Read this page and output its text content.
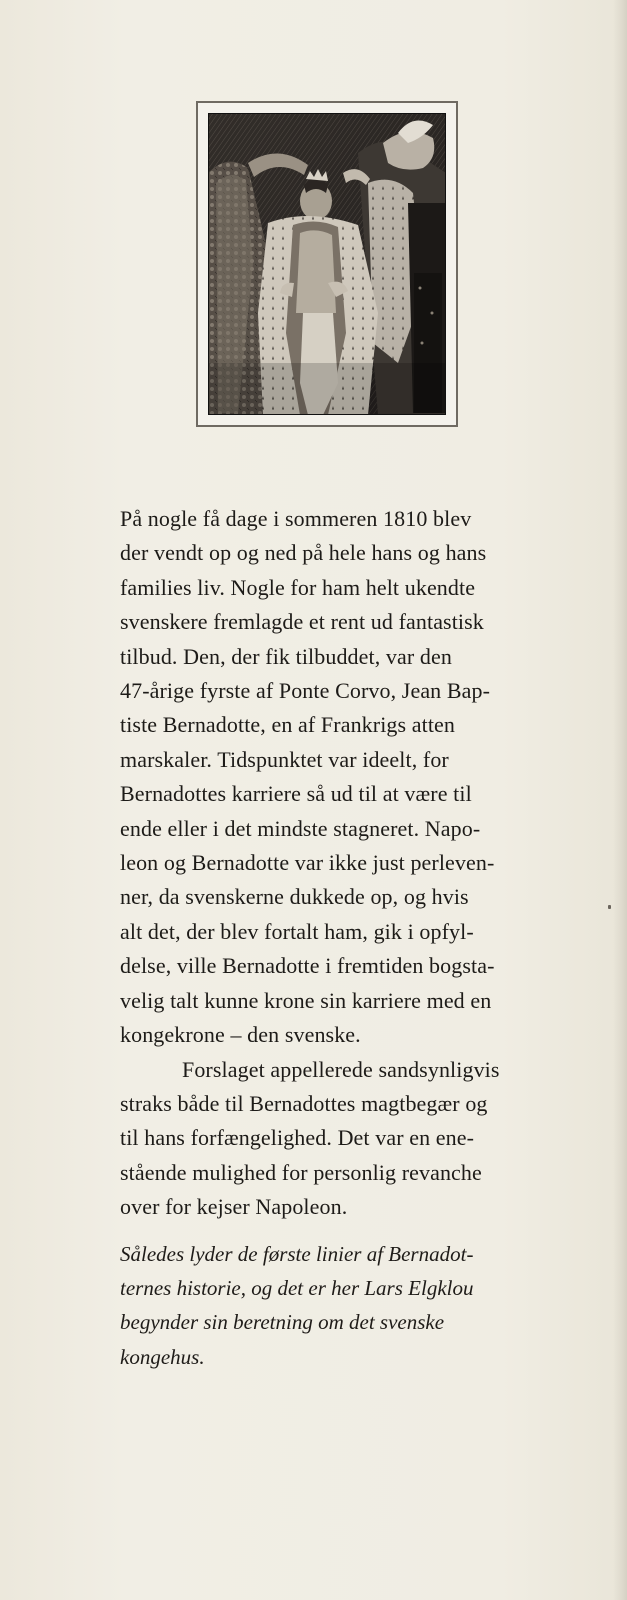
På nogle få dage i sommeren 1810 blev
der vendt op og ned på hele hans og hans
families liv. Nogle for ham helt ukendte
svenskere fremlagde et rent ud fantastisk
tilbud. Den, der fik tilbuddet, var den
47-årige fyrste af Ponte Corvo, Jean Bap-
tiste Bernadotte, en af Frankrigs atten
marskaler. Tidspunktet var ideelt, for
Bernadottes karriere så ud til at være til
ende eller i det mindste stagneret. Napo-
leon og Bernadotte var ikke just perleven-
ner, da svenskerne dukkede op, og hvis
alt det, der blev fortalt ham, gik i opfyl-
delse, ville Bernadotte i fremtiden bogsta-
velig talt kunne krone sin karriere med en
kongekrone – den svenske.

Forslaget appellerede sandsynligvis
straks både til Bernadottes magtbegær og
til hans forfængelighed. Det var en ene-
stående mulighed for personlig revanche
over for kejser Napoleon.

Således lyder de første linier af Bernadot-
ternes historie, og det er her Lars Elgklou
begynder sin beretning om det svenske
kongehus.
